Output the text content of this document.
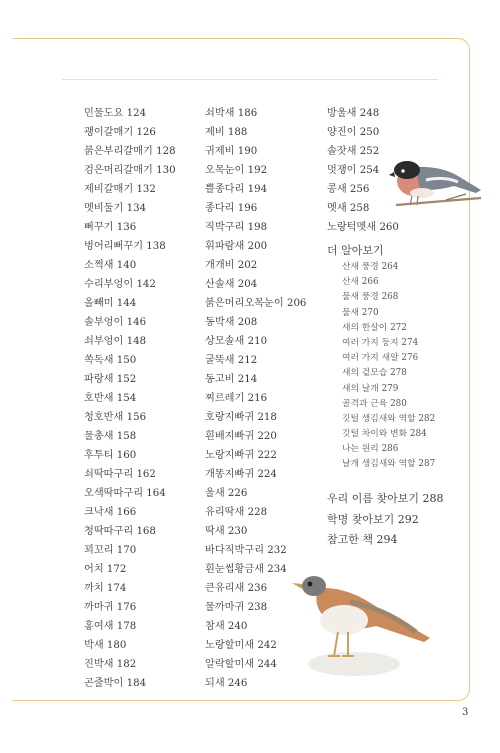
민물도요 124
괭이갈매기 126
붉은부리갈매기 128
검은머리갈매기 130
제비갈매기 132
멧비둘기 134
뻐꾸기 136
벙어리뻐꾸기 138
소쩍새 140
수리부엉이 142
올빼미 144
솔부엉이 146
쇠부엉이 148
쏙독새 150
파랑새 152
호반새 154
청호반새 156
물총새 158
후투티 160
쇠딱따구리 162
오색딱따구리 164
크낙새 166
청딱따구리 168
꾀꼬리 170
어치 172
까치 174
까마귀 176
홍여새 178
박새 180
진박새 182
곤줄박이 184
쇠박새 186
제비 188
귀제비 190
오목눈이 192
쁠종다리 194
종다리 196
직박구리 198
휘파람새 200
개개비 202
산솔새 204
붉은머리오목눈이 206
동박새 208
상모솔새 210
굴뚝새 212
동고비 214
찌르레기 216
호랑지빠귀 218
흰배지빠귀 220
노랑지빠귀 222
개똥지빠귀 224
울새 226
유리딱새 228
딱새 230
바다직박구리 232
흰눈썹황금새 234
큰유리새 236
물까마귀 238
참새 240
노랑할미새 242
알락할미새 244
되새 246
방울새 248
양진이 250
솔잣새 252
멋쟁이 254
콩새 256
멧새 258
노랑턱멧새 260
더 알아보기
산새 풍경 264
산새 266
물새 풍경 268
물새 270
새의 한살이 272
여러 가지 둥지 274
여러 가지 새알 276
새의 겉모습 278
새의 날개 279
골격과 근육 280
깃털 생김새와 역할 282
깃털 차이와 변화 284
나는 원리 286
날개 생김새와 역할 287
우리 이름 찾아보기 288
학명 찾아보기 292
참고한 책 294
3
